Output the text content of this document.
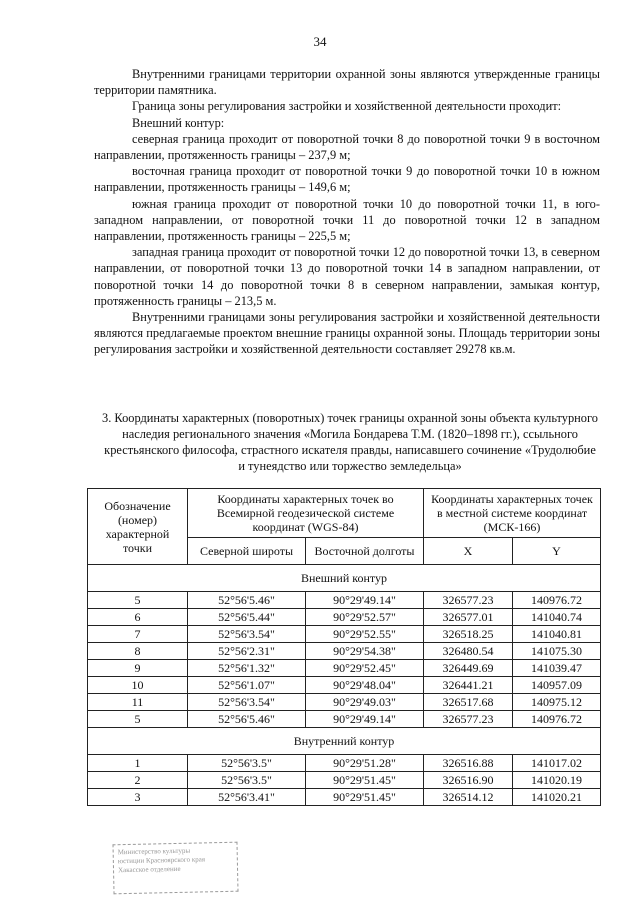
34

Внутренними границами территории охранной зоны являются утвержденные границы территории памятника.

Граница зоны регулирования застройки и хозяйственной деятельности проходит:

Внешний контур:

северная граница проходит от поворотной точки 8 до поворотной точки 9 в восточном направлении, протяженность границы – 237,9 м;

восточная граница проходит от поворотной точки 9 до поворотной точки 10 в южном направлении, протяженность границы – 149,6 м;

южная граница проходит от поворотной точки 10 до поворотной точки 11, в юго-западном направлении, от поворотной точки 11 до поворотной точки 12 в западном направлении, протяженность границы – 225,5 м;

западная граница проходит от поворотной точки 12 до поворотной точки 13, в северном направлении, от поворотной точки 13 до поворотной точки 14 в западном направлении, от поворотной точки 14 до поворотной точки 8 в северном направлении, замыкая контур, протяженность границы – 213,5 м.

Внутренними границами зоны регулирования застройки и хозяйственной деятельности являются предлагаемые проектом внешние границы охранной зоны. Площадь территории зоны регулирования застройки и хозяйственной деятельности составляет 29278 кв.м.

3. Координаты характерных (поворотных) точек границы охранной зоны объекта культурного наследия регионального значения «Могила Бондарева Т.М. (1820–1898 гг.), ссыльного крестьянского философа, страстного искателя правды, написавшего сочинение «Трудолюбие и тунеядство или торжество земледельца»
Обозначение (номер) характерной точки	Координаты характерных точек во Всемирной геодезической системе координат (WGS-84)		Координаты характерных точек в местной системе координат (МСК-166)	
	Северной широты	Восточной долготы	X	Y
Внешний контур				
5	52°56'5.46"	90°29'49.14"	326577.23	140976.72
6	52°56'5.44"	90°29'52.57"	326577.01	141040.74
7	52°56'3.54"	90°29'52.55"	326518.25	141040.81
8	52°56'2.31"	90°29'54.38"	326480.54	141075.30
9	52°56'1.32"	90°29'52.45"	326449.69	141039.47
10	52°56'1.07"	90°29'48.04"	326441.21	140957.09
11	52°56'3.54"	90°29'49.03"	326517.68	140975.12
5	52°56'5.46"	90°29'49.14"	326577.23	140976.72
Внутренний контур				
1	52°56'3.5"	90°29'51.28"	326516.88	141017.02
2	52°56'3.5"	90°29'51.45"	326516.90	141020.19
3	52°56'3.41"	90°29'51.45"	326514.12	141020.21
Министерство культуры
юстиции Красноярского края
Хакасское отделение
